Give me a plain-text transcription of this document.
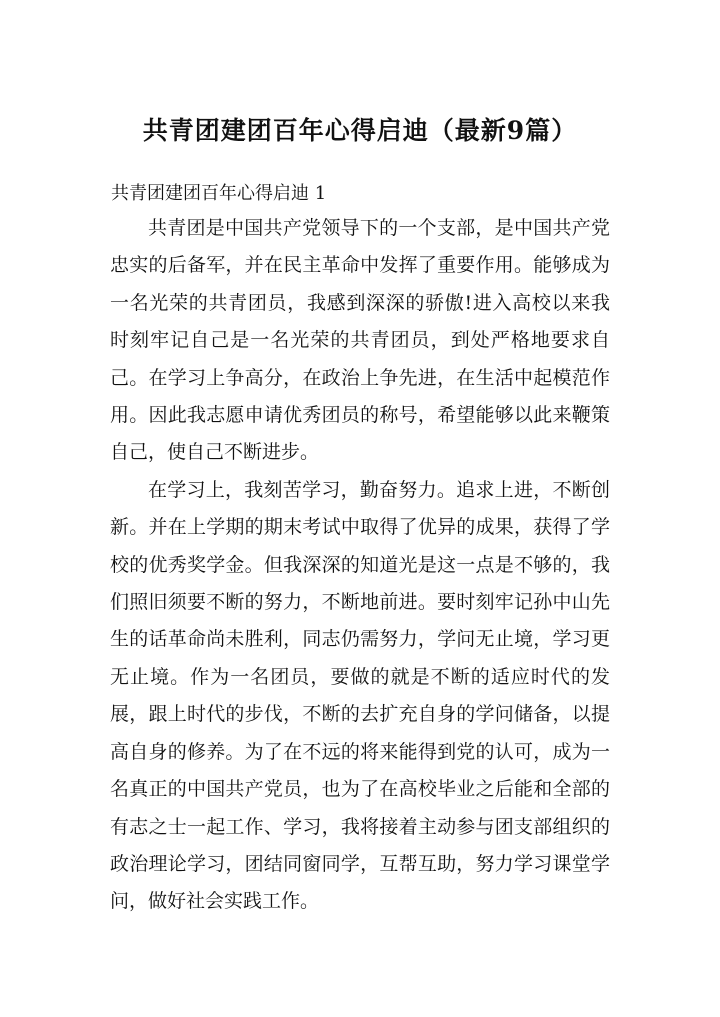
共青团建团百年心得启迪（最新9篇）
共青团建团百年心得启迪 1

共青团是中国共产党领导下的一个支部，是中国共产党忠实的后备军，并在民主革命中发挥了重要作用。能够成为一名光荣的共青团员，我感到深深的骄傲!进入高校以来我时刻牢记自己是一名光荣的共青团员，到处严格地要求自己。在学习上争高分，在政治上争先进，在生活中起模范作用。因此我志愿申请优秀团员的称号，希望能够以此来鞭策自己，使自己不断进步。

在学习上，我刻苦学习，勤奋努力。追求上进，不断创新。并在上学期的期末考试中取得了优异的成果，获得了学校的优秀奖学金。但我深深的知道光是这一点是不够的，我们照旧须要不断的努力，不断地前进。要时刻牢记孙中山先生的话革命尚未胜利，同志仍需努力，学问无止境，学习更无止境。作为一名团员，要做的就是不断的适应时代的发展，跟上时代的步伐，不断的去扩充自身的学问储备，以提高自身的修养。为了在不远的将来能得到党的认可，成为一名真正的中国共产党员，也为了在高校毕业之后能和全部的有志之士一起工作、学习，我将接着主动参与团支部组织的政治理论学习，团结同窗同学，互帮互助，努力学习课堂学问，做好社会实践工作。
